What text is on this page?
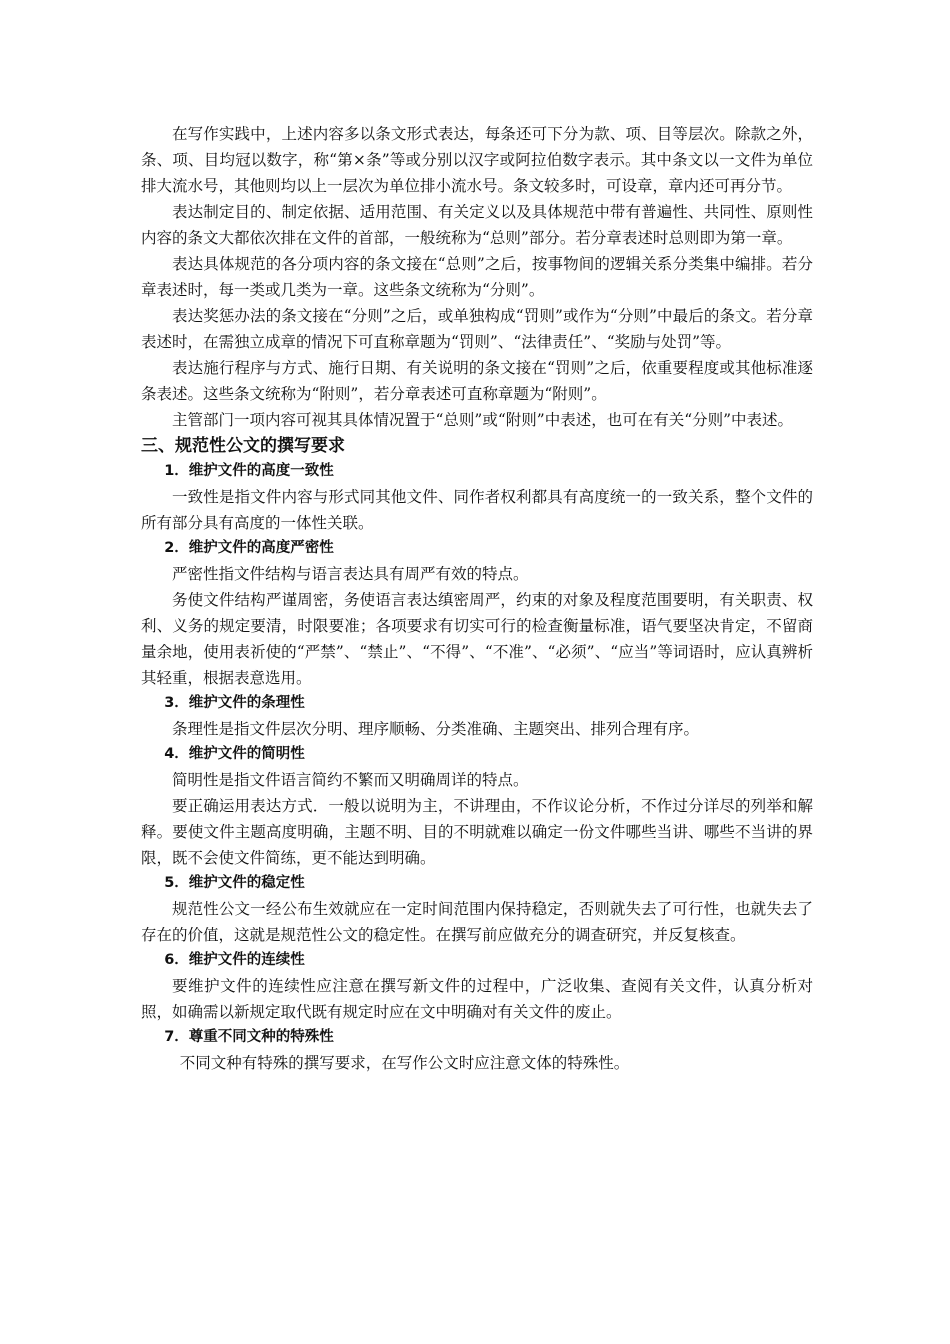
在写作实践中，上述内容多以条文形式表达，每条还可下分为款、项、目等层次。除款之外，条、项、目均冠以数字，称“第×条”等或分别以汉字或阿拉伯数字表示。其中条文以一文件为单位排大流水号，其他则均以上一层次为单位排小流水号。条文较多时，可设章，章内还可再分节。

表达制定目的、制定依据、适用范围、有关定义以及具体规范中带有普遍性、共同性、原则性内容的条文大都依次排在文件的首部，一般统称为“总则”部分。若分章表述时总则即为第一章。

表达具体规范的各分项内容的条文接在“总则”之后，按事物间的逻辑关系分类集中编排。若分章表述时，每一类或几类为一章。这些条文统称为“分则”。

表达奖惩办法的条文接在“分则”之后，或单独构成“罚则”或作为“分则”中最后的条文。若分章表述时，在需独立成章的情况下可直称章题为“罚则”、“法律责任”、“奖励与处罚”等。

表达施行程序与方式、施行日期、有关说明的条文接在“罚则”之后，依重要程度或其他标准逐条表述。这些条文统称为“附则”，若分章表述可直称章题为“附则”。

主管部门一项内容可视其具体情况置于“总则”或“附则”中表述，也可在有关“分则”中表述。

三、规范性公文的撰写要求
1．维护文件的高度一致性

一致性是指文件内容与形式同其他文件、同作者权利都具有高度统一的一致关系，整个文件的所有部分具有高度的一体性关联。

2．维护文件的高度严密性

严密性指文件结构与语言表达具有周严有效的特点。

务使文件结构严谨周密，务使语言表达缜密周严，约束的对象及程度范围要明，有关职责、权利、义务的规定要清，时限要准；各项要求有切实可行的检查衡量标准，语气要坚决肯定，不留商量余地，使用表祈使的“严禁”、“禁止”、“不得”、“不准”、“必须”、“应当”等词语时，应认真辨析其轻重，根据表意选用。

3．维护文件的条理性

条理性是指文件层次分明、理序顺畅、分类准确、主题突出、排列合理有序。

4．维护文件的简明性

简明性是指文件语言简约不繁而又明确周详的特点。

要正确运用表达方式．一般以说明为主，不讲理由，不作议论分析，不作过分详尽的列举和解释。要使文件主题高度明确，主题不明、目的不明就难以确定一份文件哪些当讲、哪些不当讲的界限，既不会使文件简练，更不能达到明确。

5．维护文件的稳定性

规范性公文一经公布生效就应在一定时间范围内保持稳定，否则就失去了可行性，也就失去了存在的价值，这就是规范性公文的稳定性。在撰写前应做充分的调查研究，并反复核查。

6．维护文件的连续性

要维护文件的连续性应注意在撰写新文件的过程中，广泛收集、查阅有关文件，认真分析对照，如确需以新规定取代既有规定时应在文中明确对有关文件的废止。

7．尊重不同文种的特殊性

不同文种有特殊的撰写要求，在写作公文时应注意文体的特殊性。
